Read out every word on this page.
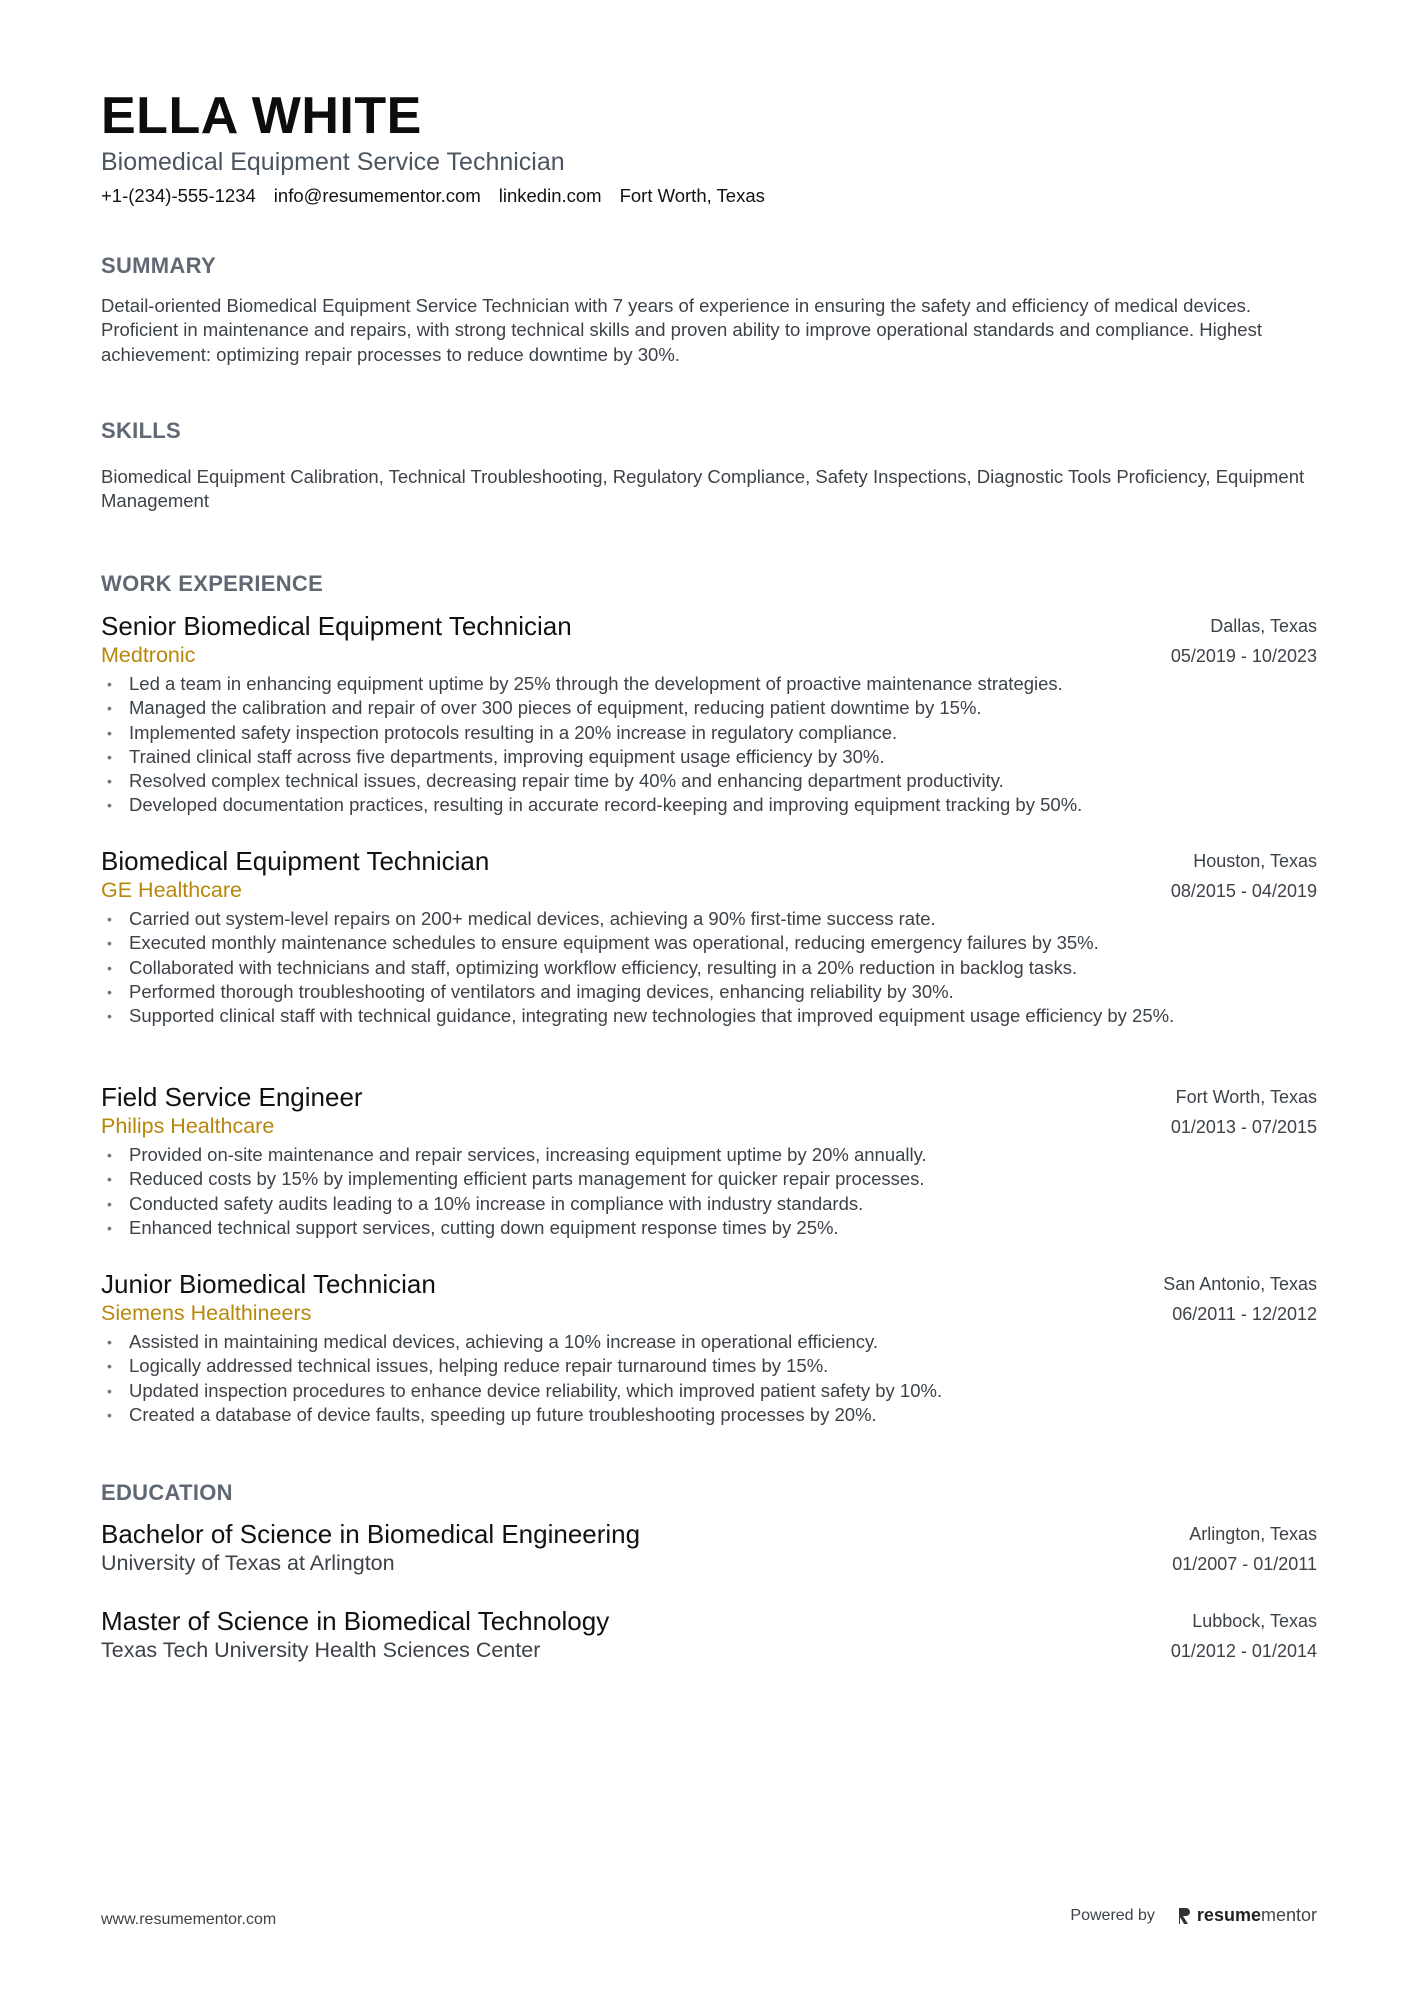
ELLA WHITE
Biomedical Equipment Service Technician
+1-(234)-555-1234 info@resumementor.com linkedin.com Fort Worth, Texas
SUMMARY
Detail-oriented Biomedical Equipment Service Technician with 7 years of experience in ensuring the safety and efficiency of medical devices. Proficient in maintenance and repairs, with strong technical skills and proven ability to improve operational standards and compliance. Highest achievement: optimizing repair processes to reduce downtime by 30%.
SKILLS
Biomedical Equipment Calibration, Technical Troubleshooting, Regulatory Compliance, Safety Inspections, Diagnostic Tools Proficiency, Equipment Management
WORK EXPERIENCE
Senior Biomedical Equipment Technician
Medtronic
Dallas, Texas
05/2019 - 10/2023
• Led a team in enhancing equipment uptime by 25% through the development of proactive maintenance strategies.
• Managed the calibration and repair of over 300 pieces of equipment, reducing patient downtime by 15%.
• Implemented safety inspection protocols resulting in a 20% increase in regulatory compliance.
• Trained clinical staff across five departments, improving equipment usage efficiency by 30%.
• Resolved complex technical issues, decreasing repair time by 40% and enhancing department productivity.
• Developed documentation practices, resulting in accurate record-keeping and improving equipment tracking by 50%.
Biomedical Equipment Technician
GE Healthcare
Houston, Texas
08/2015 - 04/2019
• Carried out system-level repairs on 200+ medical devices, achieving a 90% first-time success rate.
• Executed monthly maintenance schedules to ensure equipment was operational, reducing emergency failures by 35%.
• Collaborated with technicians and staff, optimizing workflow efficiency, resulting in a 20% reduction in backlog tasks.
• Performed thorough troubleshooting of ventilators and imaging devices, enhancing reliability by 30%.
• Supported clinical staff with technical guidance, integrating new technologies that improved equipment usage efficiency by 25%.
Field Service Engineer
Philips Healthcare
Fort Worth, Texas
01/2013 - 07/2015
• Provided on-site maintenance and repair services, increasing equipment uptime by 20% annually.
• Reduced costs by 15% by implementing efficient parts management for quicker repair processes.
• Conducted safety audits leading to a 10% increase in compliance with industry standards.
• Enhanced technical support services, cutting down equipment response times by 25%.
Junior Biomedical Technician
Siemens Healthineers
San Antonio, Texas
06/2011 - 12/2012
• Assisted in maintaining medical devices, achieving a 10% increase in operational efficiency.
• Logically addressed technical issues, helping reduce repair turnaround times by 15%.
• Updated inspection procedures to enhance device reliability, which improved patient safety by 10%.
• Created a database of device faults, speeding up future troubleshooting processes by 20%.
EDUCATION
Bachelor of Science in Biomedical Engineering
University of Texas at Arlington
Arlington, Texas
01/2007 - 01/2011
Master of Science in Biomedical Technology
Texas Tech University Health Sciences Center
Lubbock, Texas
01/2012 - 01/2014
www.resumementor.com	Powered by resume mentor
